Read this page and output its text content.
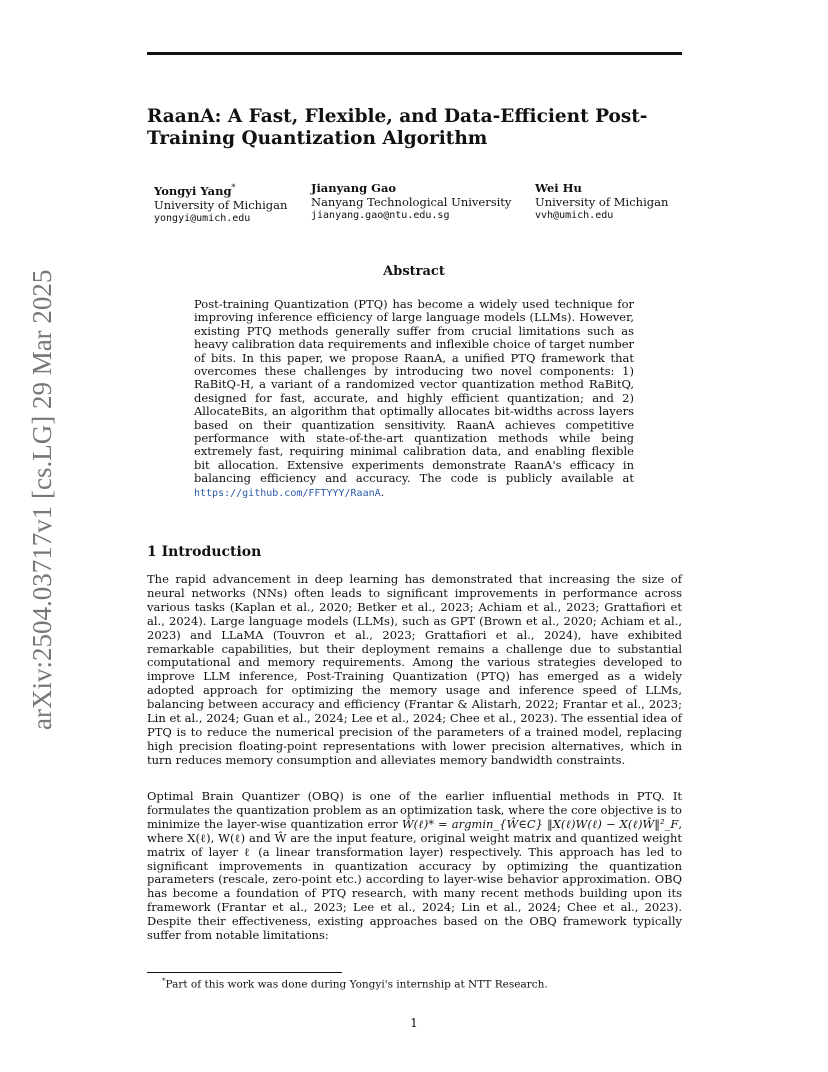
arXiv:2504.03717v1 [cs.LG] 29 Mar 2025
RaanA: A Fast, Flexible, and Data-Efficient Post-Training Quantization Algorithm
Yongyi Yang*
University of Michigan
yongyi@umich.edu
Jianyang Gao
Nanyang Technological University
jianyang.gao@ntu.edu.sg
Wei Hu
University of Michigan
vvh@umich.edu
Abstract
Post-training Quantization (PTQ) has become a widely used technique for improving inference efficiency of large language models (LLMs). However, existing PTQ methods generally suffer from crucial limitations such as heavy calibration data requirements and inflexible choice of target number of bits. In this paper, we propose RaanA, a unified PTQ framework that overcomes these challenges by introducing two novel components: 1) RaBitQ-H, a variant of a randomized vector quantization method RaBitQ, designed for fast, accurate, and highly efficient quantization; and 2) AllocateBits, an algorithm that optimally allocates bit-widths across layers based on their quantization sensitivity. RaanA achieves competitive performance with state-of-the-art quantization methods while being extremely fast, requiring minimal calibration data, and enabling flexible bit allocation. Extensive experiments demonstrate RaanA's efficacy in balancing efficiency and accuracy. The code is publicly available at https://github.com/FFTYYY/RaanA.
1 Introduction
The rapid advancement in deep learning has demonstrated that increasing the size of neural networks (NNs) often leads to significant improvements in performance across various tasks (Kaplan et al., 2020; Betker et al., 2023; Achiam et al., 2023; Grattafiori et al., 2024). Large language models (LLMs), such as GPT (Brown et al., 2020; Achiam et al., 2023) and LLaMA (Touvron et al., 2023; Grattafiori et al., 2024), have exhibited remarkable capabilities, but their deployment remains a challenge due to substantial computational and memory requirements. Among the various strategies developed to improve LLM inference, Post-Training Quantization (PTQ) has emerged as a widely adopted approach for optimizing the memory usage and inference speed of LLMs, balancing between accuracy and efficiency (Frantar & Alistarh, 2022; Frantar et al., 2023; Lin et al., 2024; Guan et al., 2024; Lee et al., 2024; Chee et al., 2023). The essential idea of PTQ is to reduce the numerical precision of the parameters of a trained model, replacing high precision floating-point representations with lower precision alternatives, which in turn reduces memory consumption and alleviates memory bandwidth constraints.
Optimal Brain Quantizer (OBQ) is one of the earlier influential methods in PTQ. It formulates the quantization problem as an optimization task, where the core objective is to minimize the layer-wise quantization error Ŵ(ℓ)* = argmin_{Ŵ∈C} ‖X(ℓ)W(ℓ) − X(ℓ)Ŵ‖²_F, where X(ℓ), W(ℓ) and Ŵ are the input feature, original weight matrix and quantized weight matrix of layer ℓ (a linear transformation layer) respectively. This approach has led to significant improvements in quantization accuracy by optimizing the quantization parameters (rescale, zero-point etc.) according to layer-wise behavior approximation. OBQ has become a foundation of PTQ research, with many recent methods building upon its framework (Frantar et al., 2023; Lee et al., 2024; Lin et al., 2024; Chee et al., 2023). Despite their effectiveness, existing approaches based on the OBQ framework typically suffer from notable limitations:
*Part of this work was done during Yongyi's internship at NTT Research.
1
